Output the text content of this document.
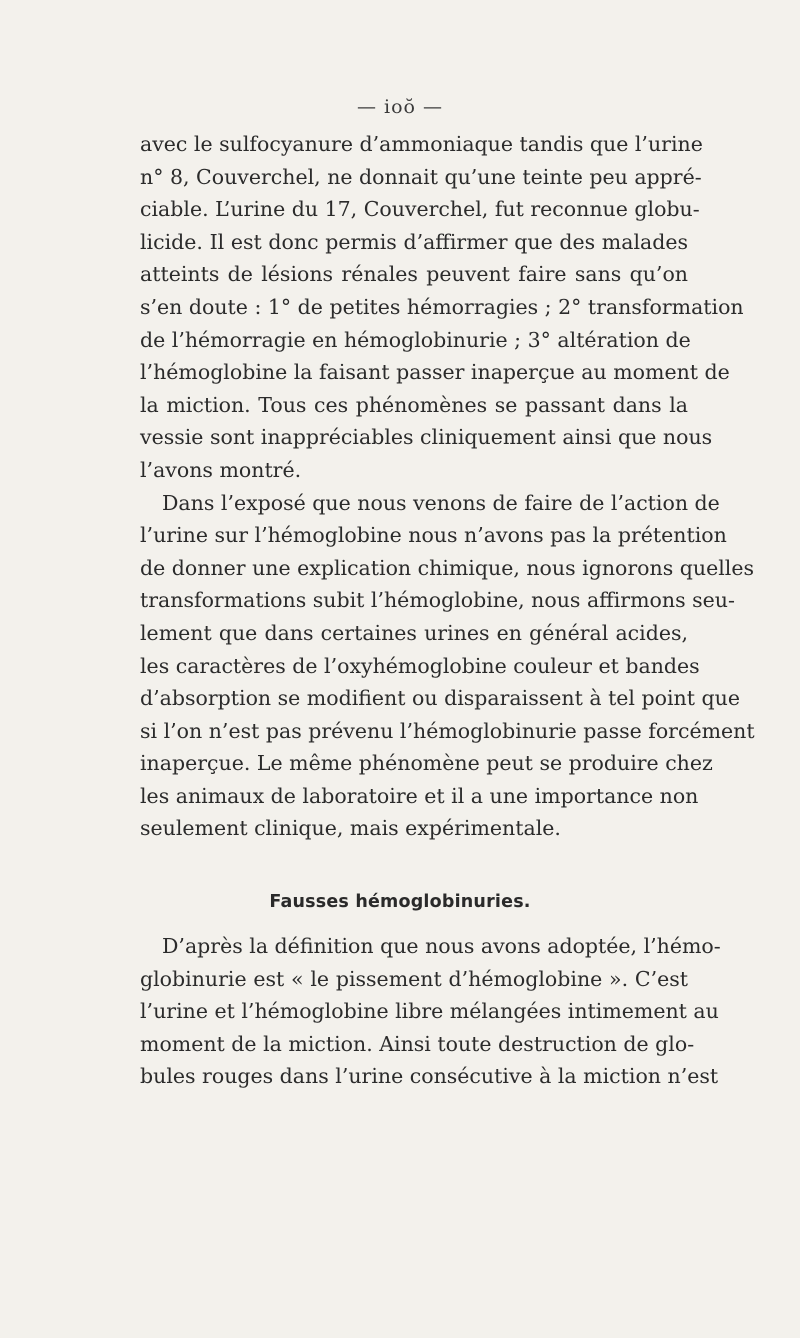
— ioŏ —
avec le sulfocyanure d’ammoniaque tandis que l’urine
n° 8, Couverchel, ne donnait qu’une teinte peu appré-
ciable. L’urine du 17, Couverchel, fut reconnue globu-
licide. Il est donc permis d’affirmer que des malades
atteints de lésions rénales peuvent faire sans qu’on
s’en doute : 1° de petites hémorragies ; 2° transformation
de l’hémorragie en hémoglobinurie ; 3° altération de
l’hémoglobine la faisant passer inaperçue au moment de
la miction. Tous ces phénomènes se passant dans la
vessie sont inappréciables cliniquement ainsi que nous
l’avons montré.
Dans l’exposé que nous venons de faire de l’action de
l’urine sur l’hémoglobine nous n’avons pas la prétention
de donner une explication chimique, nous ignorons quelles
transformations subit l’hémoglobine, nous affirmons seu-
lement que dans certaines urines en général acides,
les caractères de l’oxyhémoglobine couleur et bandes
d’absorption se modifient ou disparaissent à tel point que
si l’on n’est pas prévenu l’hémoglobinurie passe forcément
inaperçue. Le même phénomène peut se produire chez
les animaux de laboratoire et il a une importance non
seulement clinique, mais expérimentale.
Fausses hémoglobinuries.
D’après la définition que nous avons adoptée, l’hémo-
globinurie est « le pissement d’hémoglobine ». C’est
l’urine et l’hémoglobine libre mélangées intimement au
moment de la miction. Ainsi toute destruction de glo-
bules rouges dans l’urine consécutive à la miction n’est
